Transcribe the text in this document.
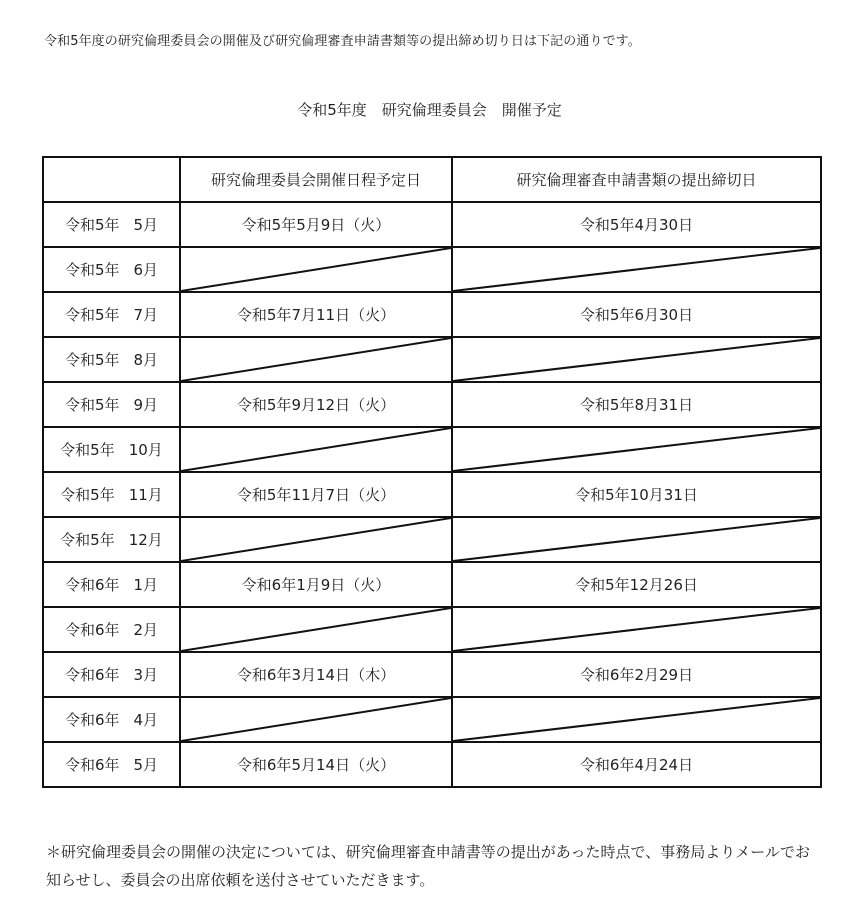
令和5年度の研究倫理委員会の開催及び研究倫理審査申請書類等の提出締め切り日は下記の通りです。
令和5年度　研究倫理委員会　開催予定
	研究倫理委員会開催日程予定日	研究倫理審査申請書類の提出締切日

令和5年 5月	令和5年5月9日（火）	令和5年4月30日

令和5年 6月

令和5年 7月	令和5年7月11日（火）	令和5年6月30日

令和5年 8月

令和5年 9月	令和5年9月12日（火）	令和5年8月31日

令和5年 10月

令和5年 11月	令和5年11月7日（火）	令和5年10月31日

令和5年 12月

令和6年 1月	令和6年1月9日（火）	令和5年12月26日

令和6年 2月

令和6年 3月	令和6年3月14日（木）	令和6年2月29日

令和6年 4月

令和6年 5月	令和6年5月14日（火）	令和6年4月24日
＊研究倫理委員会の開催の決定については、研究倫理審査申請書等の提出があった時点で、事務局よりメールでお知らせし、委員会の出席依頼を送付させていただきます。
